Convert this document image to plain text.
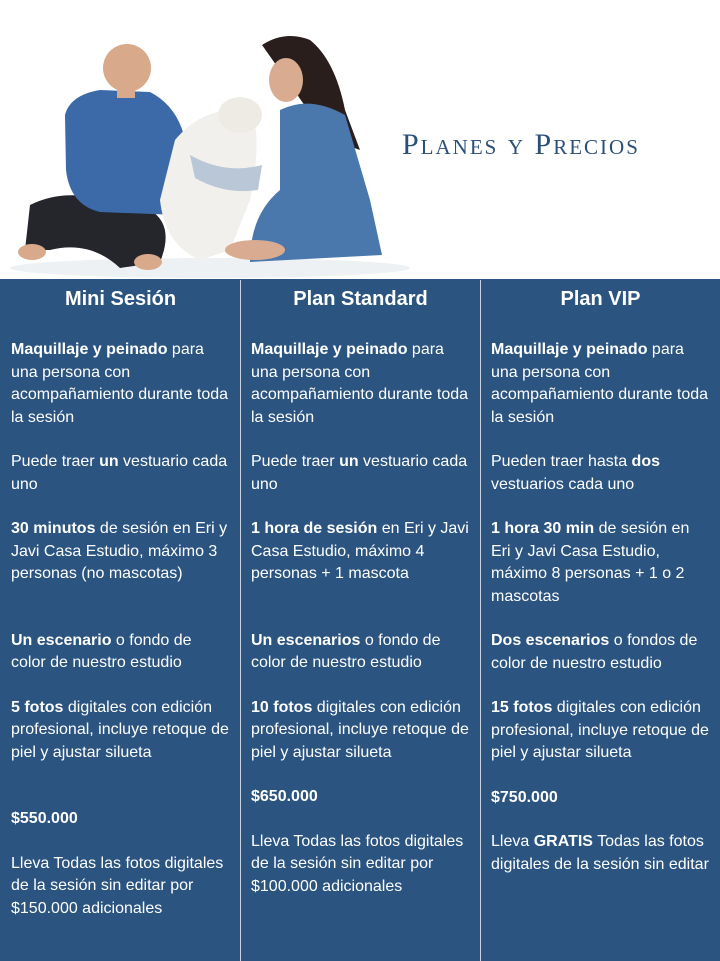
Planes y Precios
Mini Sesión

Maquillaje y peinado para una persona con acompañamiento durante toda la sesión

Puede traer un vestuario cada uno

30 minutos de sesión en Eri y Javi Casa Estudio, máximo 3 personas (no mascotas)

Un escenario o fondo de color de nuestro estudio

5 fotos digitales con edición profesional, incluye retoque de piel y ajustar silueta

$550.000

Lleva Todas las fotos digitales de la sesión sin editar por $150.000 adicionales

Plan Standard

Maquillaje y peinado para una persona con acompañamiento durante toda la sesión

Puede traer un vestuario cada uno

1 hora de sesión en Eri y Javi Casa Estudio, máximo 4 personas + 1 mascota

Un escenarios o fondo de color de nuestro estudio

10 fotos digitales con edición profesional, incluye retoque de piel y ajustar silueta

$650.000

Lleva Todas las fotos digitales de la sesión sin editar por $100.000 adicionales

Plan VIP

Maquillaje y peinado para una persona con acompañamiento durante toda la sesión

Pueden traer hasta dos vestuarios cada uno

1 hora 30 min de sesión en Eri y Javi Casa Estudio, máximo 8 personas + 1 o 2 mascotas

Dos escenarios o fondos de color de nuestro estudio

15 fotos digitales con edición profesional, incluye retoque de piel y ajustar silueta

$750.000

Lleva GRATIS Todas las fotos digitales de la sesión sin editar
